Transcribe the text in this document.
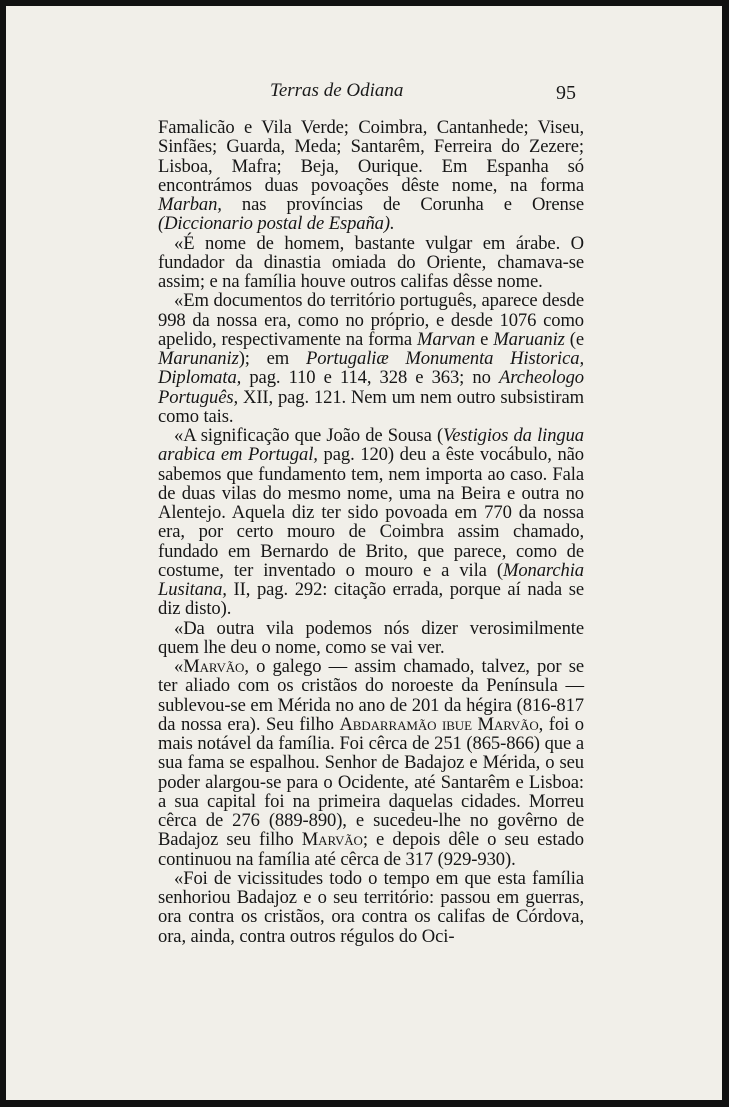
Terras de Odiana	95

Famalicão e Vila Verde; Coimbra, Cantanhede; Viseu, Sinfães; Guarda, Meda; Santarêm, Ferreira do Zezere; Lisboa, Mafra; Beja, Ourique. Em Espanha só encontrámos duas povoações dêste nome, na forma Marban, nas províncias de Corunha e Orense (Diccionario postal de España).

«É nome de homem, bastante vulgar em árabe. O fundador da dinastia omiada do Oriente, chamava-se assim; e na família houve outros califas dêsse nome.

«Em documentos do território português, aparece desde 998 da nossa era, como no próprio, e desde 1076 como apelido, respectivamente na forma Marvan e Maruaniz (e Marunaniz); em Portugaliæ Monumenta Historica, Diplomata, pag. 110 e 114, 328 e 363; no Archeologo Português, XII, pag. 121. Nem um nem outro subsistiram como tais.

«A significação que João de Sousa (Vestigios da lingua arabica em Portugal, pag. 120) deu a êste vocábulo, não sabemos que fundamento tem, nem importa ao caso. Fala de duas vilas do mesmo nome, uma na Beira e outra no Alentejo. Aquela diz ter sido povoada em 770 da nossa era, por certo mouro de Coimbra assim chamado, fundado em Bernardo de Brito, que parece, como de costume, ter inventado o mouro e a vila (Monarchia Lusitana, II, pag. 292: citação errada, porque aí nada se diz disto).

«Da outra vila podemos nós dizer verosimilmente quem lhe deu o nome, como se vai ver.

«Marvão, o galego — assim chamado, talvez, por se ter aliado com os cristãos do noroeste da Península — sublevou-se em Mérida no ano de 201 da hégira (816-817 da nossa era). Seu filho Abdarramão ibue Marvão, foi o mais notável da família. Foi cêrca de 251 (865-866) que a sua fama se espalhou. Senhor de Badajoz e Mérida, o seu poder alargou-se para o Ocidente, até Santarêm e Lisboa: a sua capital foi na primeira daquelas cidades. Morreu cêrca de 276 (889-890), e sucedeu-lhe no govêrno de Badajoz seu filho Marvão; e depois dêle o seu estado continuou na família até cêrca de 317 (929-930).

«Foi de vicissitudes todo o tempo em que esta família senhoriou Badajoz e o seu território: passou em guerras, ora contra os cristãos, ora contra os califas de Córdova, ora, ainda, contra outros régulos do Oci-
